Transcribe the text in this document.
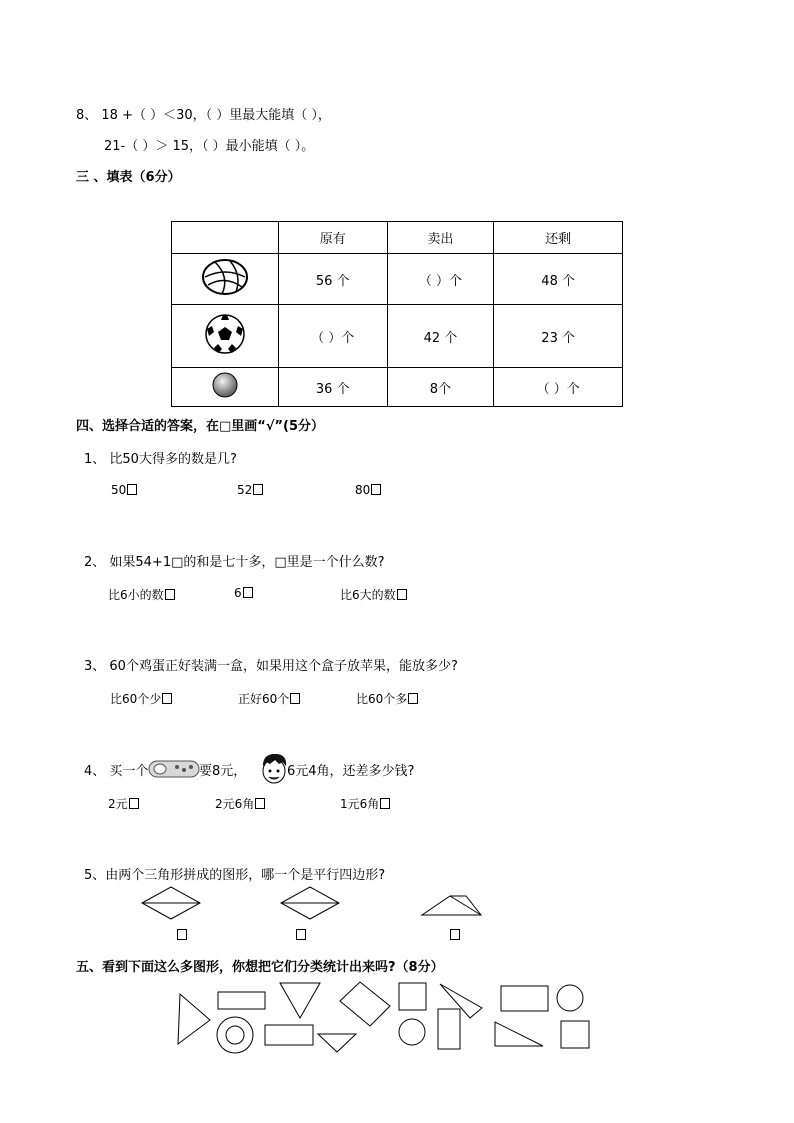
8、 18 +（ ）＜30，（ ）里最大能填（ ），
21-（ ）＞ 15，（ ）最小能填（ ）。
三 、填表（6分）
	原有	卖出	还剩
	56 个	（ ）个	48 个
	（ ）个	42 个	23 个
	36 个	8个	（ ）个
四、选择合适的答案，在□里画“√”(5分）
1、 比50大得多的数是几?
50	52	80
2、 如果54+1□的和是七十多，□里是一个什么数?
比6小的数	6	比6大的数
3、 60个鸡蛋正好装满一盒，如果用这个盒子放苹果，能放多少?
比60个少	正好60个	比60个多
4、 买一个	要8元，	6元4角，还差多少钱?
2元	2元6角	1元6角
5、由两个三角形拼成的图形，哪一个是平行四边形?
五、看到下面这么多图形，你想把它们分类统计出来吗?（8分）
